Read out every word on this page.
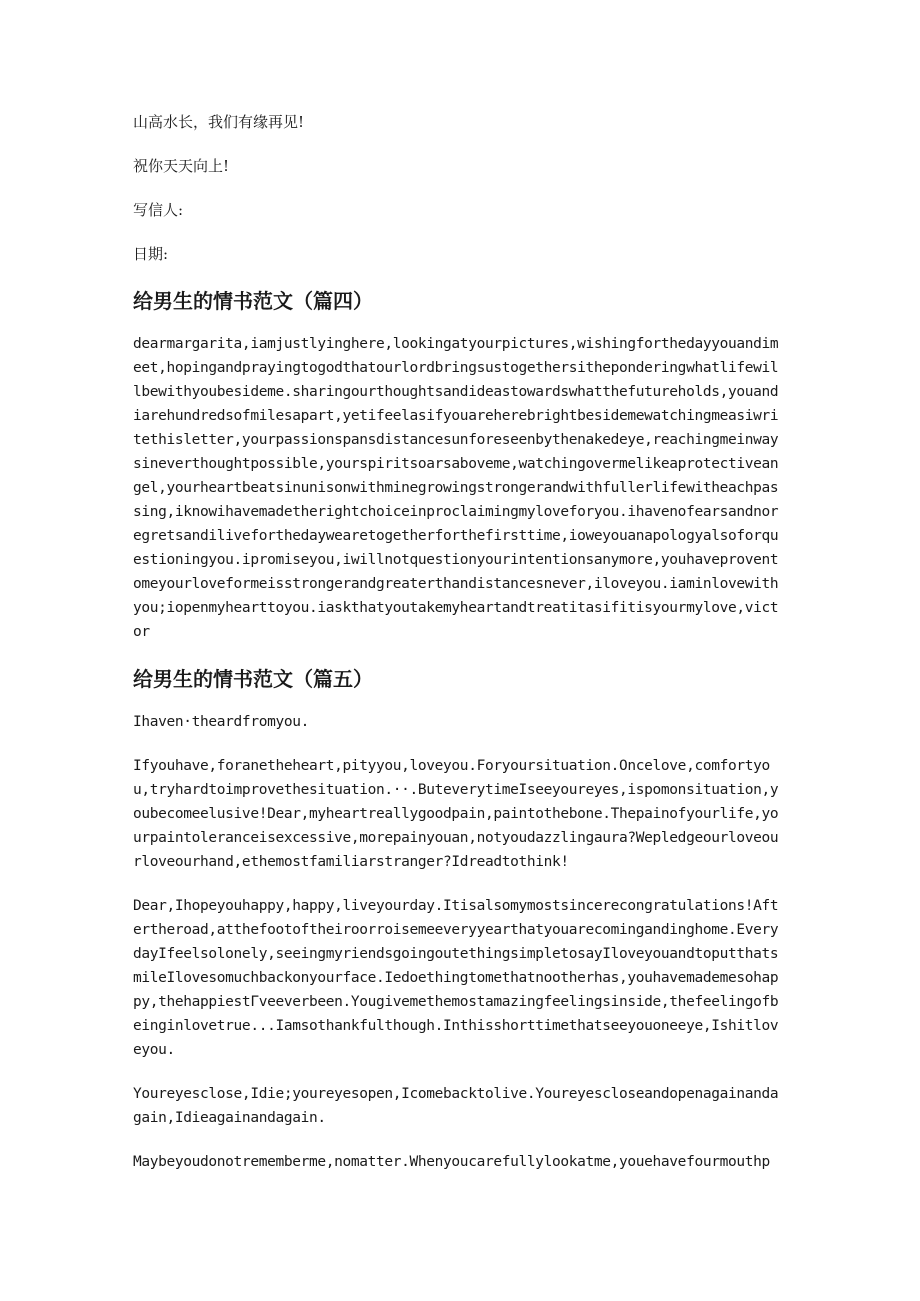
山高水长，我们有缘再见!

祝你天天向上!

写信人:

日期:

给男生的情书范文（篇四）

dearmargarita,iamjustlyinghere,lookingatyourpictures,wishingforthedayyouandimeet,hopingandprayingtogodthatourlordbringsustogethersitheponderingwhatlifewillbewithyoubesideme.sharingourthoughtsandideastowardswhatthefutureholds,youandiarehundredsofmilesapart,yetifeelasifyouareherebrightbesidemewatchingmeasiwritethisletter,yourpassionspansdistancesunforeseenbythenakedeye,reachingmeinwaysineverthoughtpossible,yourspiritsoarsaboveme,watchingovermelikeaprotectiveangel,yourheartbeatsinunisonwithminegrowingstrongerandwithfullerlifewitheachpassing,iknowihavemadetherightchoiceinproclaimingmyloveforyou.ihavenofearsandnoregretsandiliveforthedaywearetogetherforthefirsttime,ioweyouanapologyalsoforquestioningyou.ipromiseyou,iwillnotquestionyourintentionsanymore,youhaveproventomeyourloveformeisstrongerandgreaterthandistancesnever,iloveyou.iaminlovewithyou;iopenmyhearttoyou.iaskthatyoutakemyheartandtreatitasifitisyourmylove,victor

给男生的情书范文（篇五）

Ihaven·theardfromyou.

Ifyouhave,foranetheheart,pityyou,loveyou.Foryoursituation.Oncelove,comfortyou,tryhardtoimprovethesituation.··.ButeverytimeIseeyoureyes,ispomonsituation,youbecomeelusive!Dear,myheartreallygoodpain,paintothebone.Thepainofyourlife,yourpaintoleranceisexcessive,morepainyouan,notyoudazzlingaura?Wepledgeourloveourloveourhand,ethemostfamiliarstranger?Idreadtothink!

Dear,Ihopeyouhappy,happy,liveyourday.Itisalsomymostsincerecongratulations!Aftertheroad,atthefootoftheiroorroisemeeveryyearthatyouarecomingandinghome.EverydayIfeelsolonely,seeingmyriendsgoingoutethingsimpletosayIloveyouandtoputthatsmileIlovesomuchbackonyourface.Iedoethingtomethatnootherhas,youhavemademesohappy,thehappiestΓveeverbeen.Yougivemethemostamazingfeelingsinside,thefeelingofbeinginlovetrue...Iamsothankfulthough.Inthisshorttimethatseeyouoneeye,Ishitloveyou.

Youreyesclose,Idie;youreyesopen,Icomebacktolive.Youreyescloseandopenagainandagain,Idieagainandagain.

Maybeyoudonotrememberme,nomatter.Whenyoucarefullylookatme,youehavefourmouthp
